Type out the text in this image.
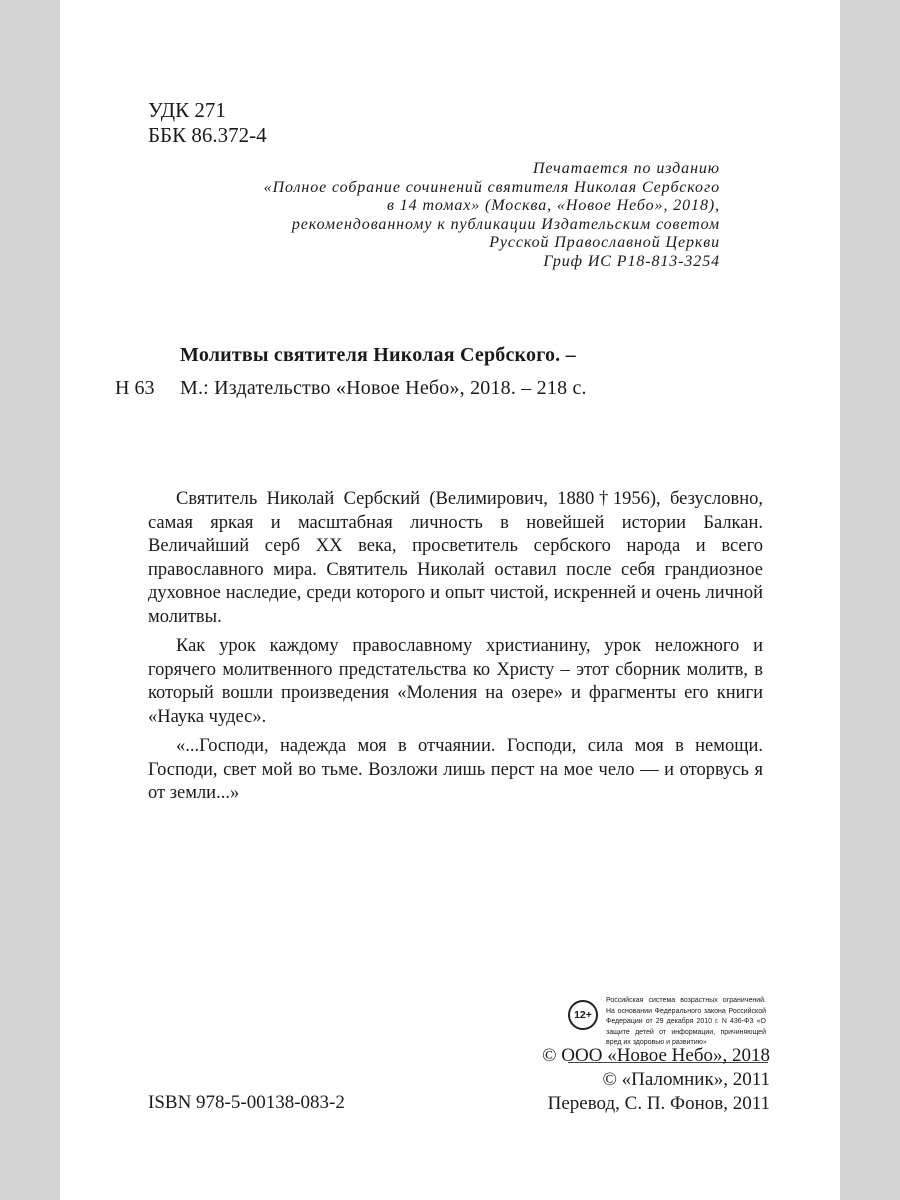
УДК 271
ББК 86.372-4
Печатается по изданию
«Полное собрание сочинений святителя Николая Сербского
в 14 томах» (Москва, «Новое Небо», 2018),
рекомендованному к публикации Издательским советом
Русской Православной Церкви
Гриф ИС Р18-813-3254
Молитвы святителя Николая Сербского. –
Н 63 М.: Издательство «Новое Небо», 2018. – 218 с.

Святитель Николай Сербский (Велимирович, 1880†1956), безусловно, самая яркая и масштабная личность в новейшей истории Балкан. Величайший серб XX века, просветитель сербского народа и всего православного мира. Святитель Николай оставил после себя грандиозное духовное наследие, среди которого и опыт чистой, искренней и очень личной молитвы.

Как урок каждому православному христианину, урок неложного и горячего молитвенного предстательства ко Христу – этот сборник молитв, в который вошли произведения «Моления на озере» и фрагменты его книги «Наука чудес».

«...Господи, надежда моя в отчаянии. Господи, сила моя в немощи. Господи, свет мой во тьме. Возложи лишь перст на мое чело — и оторвусь я от земли...»

12+
Российская система возрастных ограничений. На основании Федерального закона Российской Федерации от 29 декабря 2010 г. N 436-ФЗ «О защите детей от информации, причиняющей вред их здоровью и развитию»
© ООО «Новое Небо», 2018
© «Паломник», 2011
Перевод, С. П. Фонов, 2011
ISBN 978-5-00138-083-2
